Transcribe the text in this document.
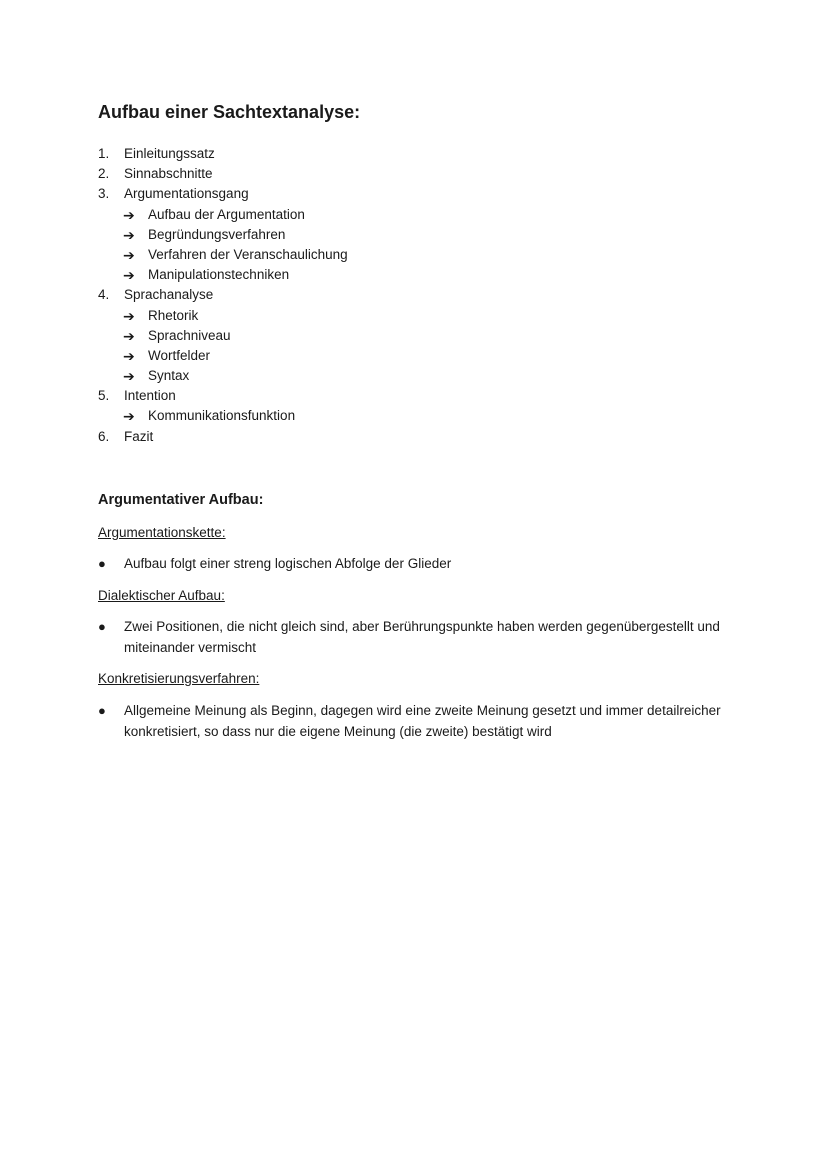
Aufbau einer Sachtextanalyse:
1. Einleitungssatz
2. Sinnabschnitte
3. Argumentationsgang
➔ Aufbau der Argumentation
➔ Begründungsverfahren
➔ Verfahren der Veranschaulichung
➔ Manipulationstechniken
4. Sprachanalyse
➔ Rhetorik
➔ Sprachniveau
➔ Wortfelder
➔ Syntax
5. Intention
➔ Kommunikationsfunktion
6. Fazit
Argumentativer Aufbau:
Argumentationskette:
● Aufbau folgt einer streng logischen Abfolge der Glieder
Dialektischer Aufbau:
● Zwei Positionen, die nicht gleich sind, aber Berührungspunkte haben werden gegenübergestellt und miteinander vermischt
Konkretisierungsverfahren:
● Allgemeine Meinung als Beginn, dagegen wird eine zweite Meinung gesetzt und immer detailreicher konkretisiert, so dass nur die eigene Meinung (die zweite) bestätigt wird
